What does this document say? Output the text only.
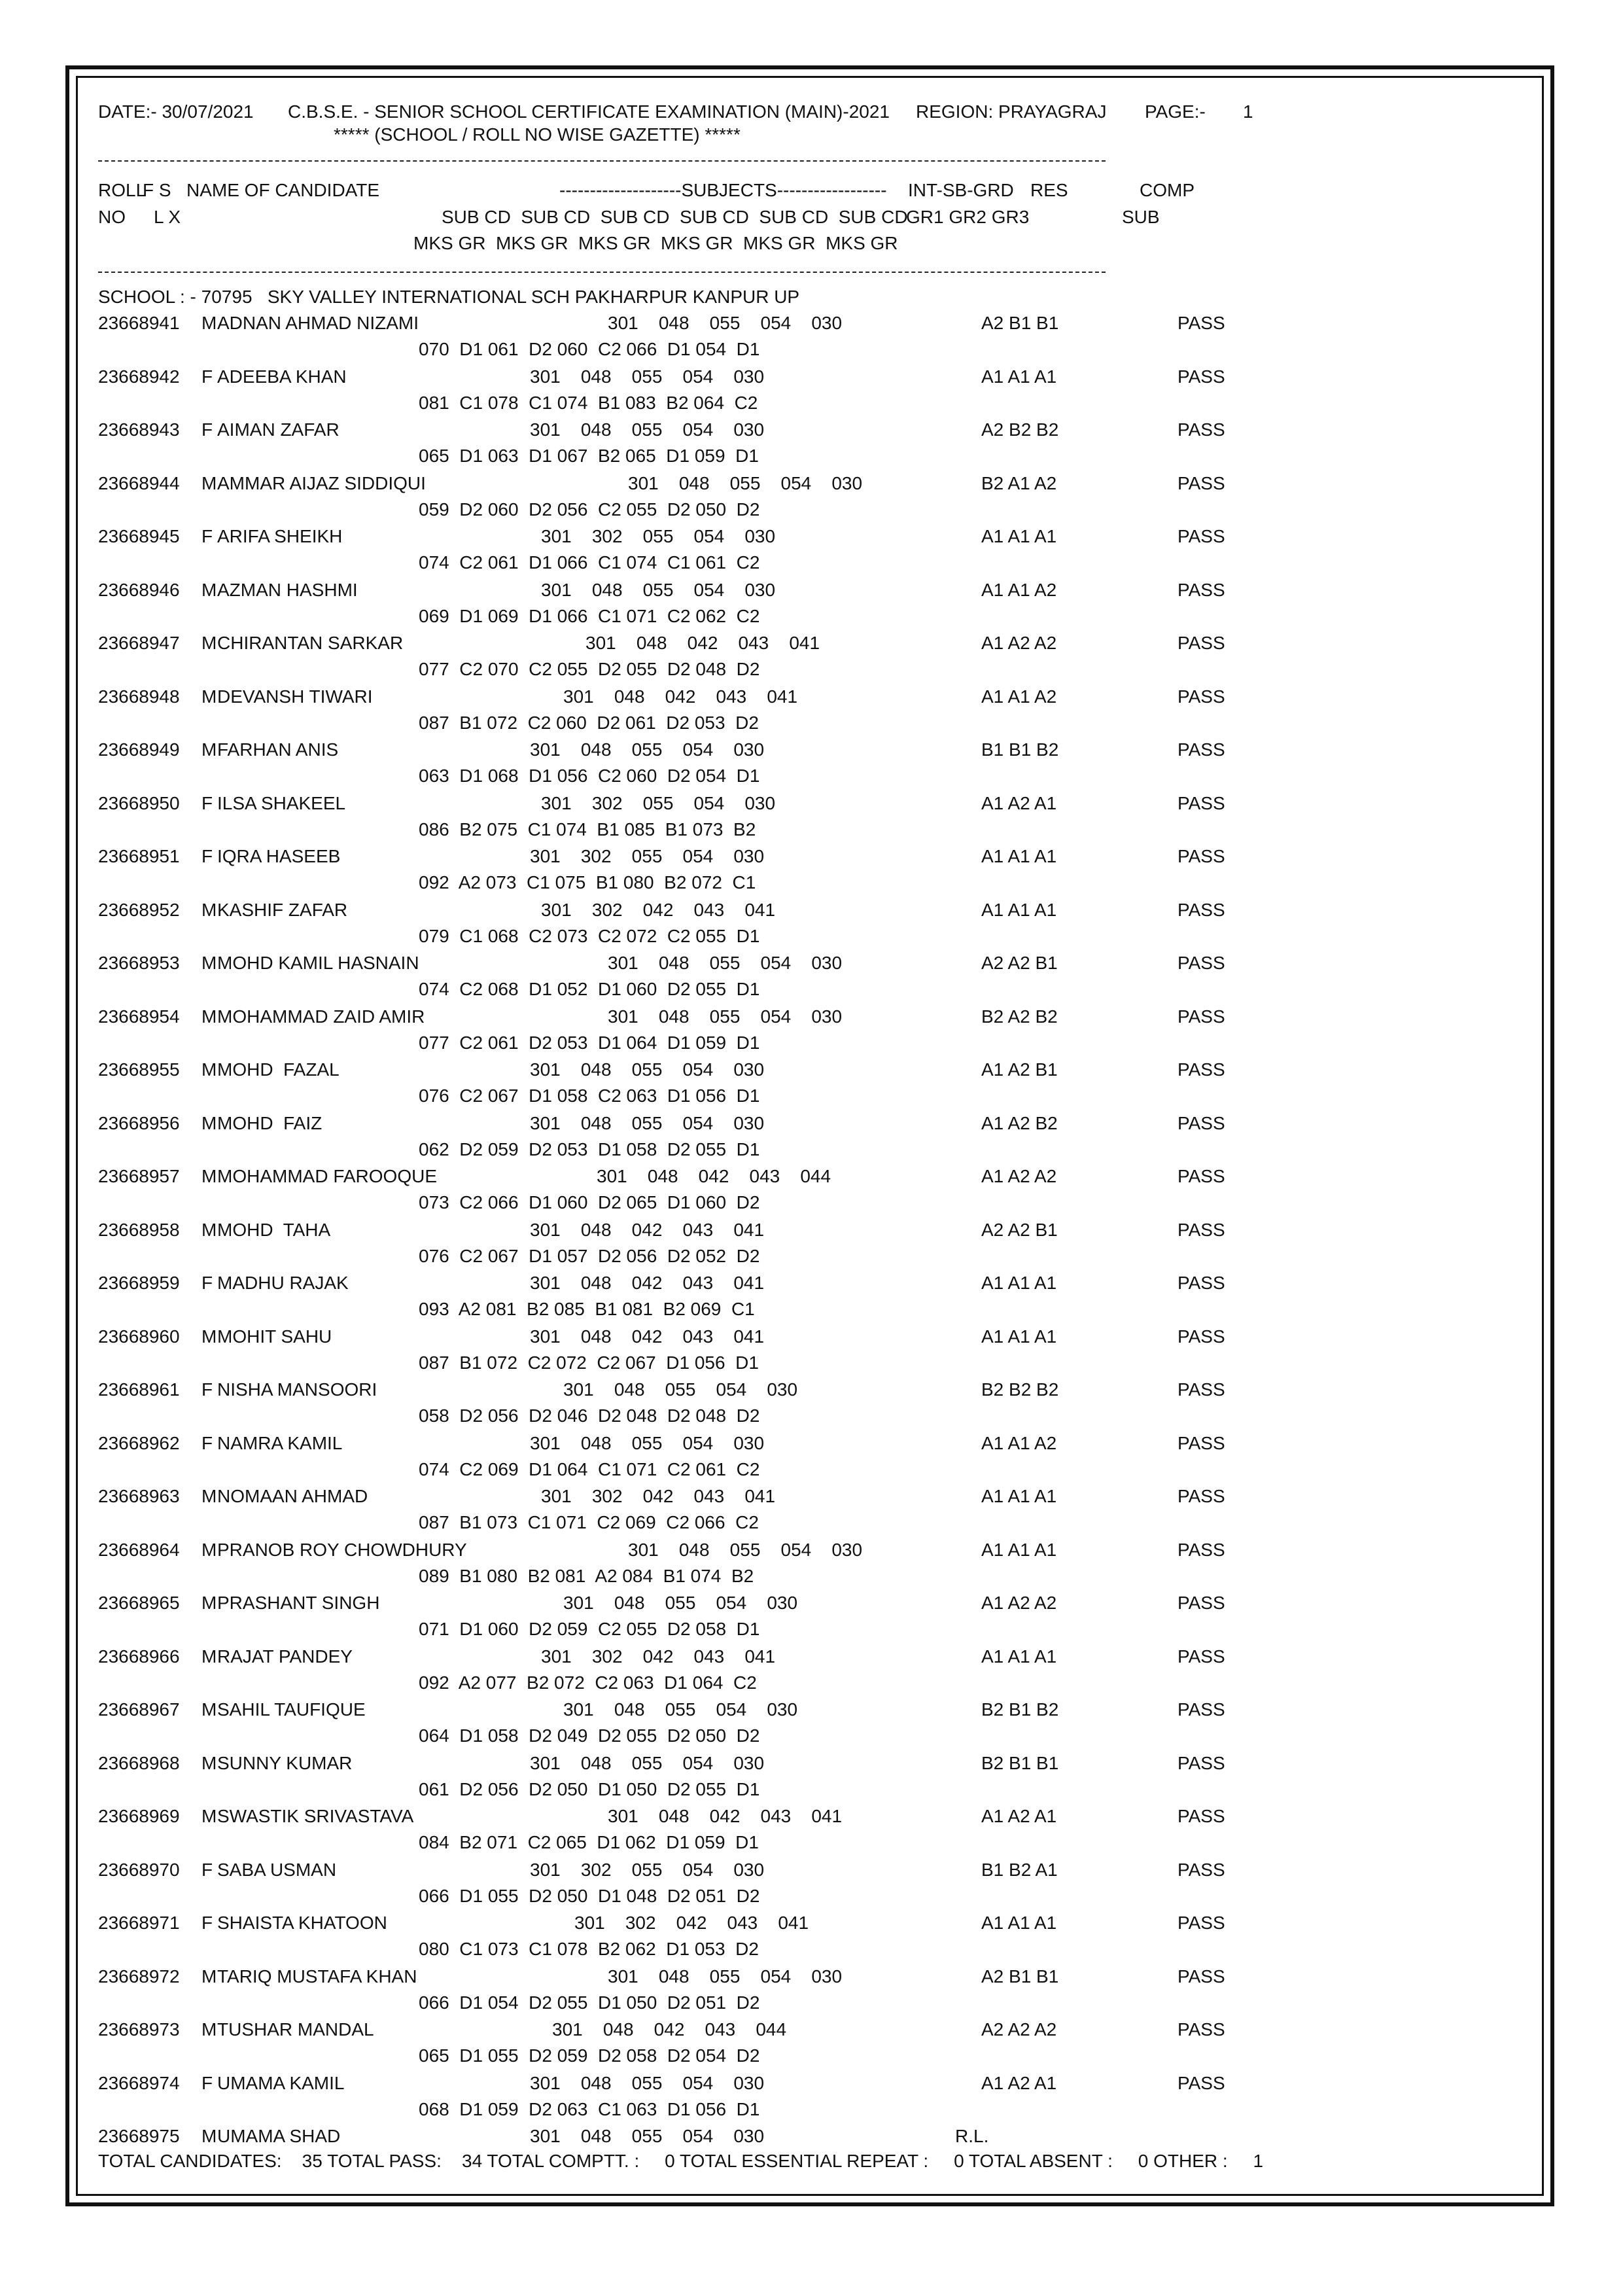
DATE:- 30/07/2021 C.B.S.E. - SENIOR SCHOOL CERTIFICATE EXAMINATION (MAIN)-2021 REGION: PRAYAGRAJ PAGE:- 1
***** (SCHOOL / ROLL NO WISE GAZETTE) *****
ROLL
F S NAME OF CANDIDATE	--------------------SUBJECTS------------------ INT-SB-GRD RES	COMP
NO L X	SUB CD  SUB CD  SUB CD  SUB CD  SUB CD  SUB CD
GR1 GR2 GR3	SUB
MKS GR  MKS GR  MKS GR  MKS GR  MKS GR  MKS GR
SCHOOL : - 70795   SKY VALLEY INTERNATIONAL SCH PAKHARPUR KANPUR UP
23668941 M ADNAN AHMAD NIZAMI	301    048    055    054    030	A2 B1 B1	PASS
070  D1 061  D2 060  C2 066  D1 054  D1
23668942 F ADEEBA KHAN	301    048    055    054    030	A1 A1 A1	PASS
081  C1 078  C1 074  B1 083  B2 064  C2
23668943 F AIMAN ZAFAR	301    048    055    054    030	A2 B2 B2	PASS
065  D1 063  D1 067  B2 065  D1 059  D1
23668944 M AMMAR AIJAZ SIDDIQUI	301    048    055    054    030	B2 A1 A2	PASS
059  D2 060  D2 056  C2 055  D2 050  D2
23668945 F ARIFA SHEIKH	301    302    055    054    030	A1 A1 A1	PASS
074  C2 061  D1 066  C1 074  C1 061  C2
23668946 M AZMAN HASHMI	301    048    055    054    030	A1 A1 A2	PASS
069  D1 069  D1 066  C1 071  C2 062  C2
23668947 M CHIRANTAN SARKAR	301    048    042    043    041	A1 A2 A2	PASS
077  C2 070  C2 055  D2 055  D2 048  D2
23668948 M DEVANSH TIWARI	301    048    042    043    041	A1 A1 A2	PASS
087  B1 072  C2 060  D2 061  D2 053  D2
23668949 M FARHAN ANIS	301    048    055    054    030	B1 B1 B2	PASS
063  D1 068  D1 056  C2 060  D2 054  D1
23668950 F ILSA SHAKEEL	301    302    055    054    030	A1 A2 A1	PASS
086  B2 075  C1 074  B1 085  B1 073  B2
23668951 F IQRA HASEEB	301    302    055    054    030	A1 A1 A1	PASS
092  A2 073  C1 075  B1 080  B2 072  C1
23668952 M KASHIF ZAFAR	301    302    042    043    041	A1 A1 A1	PASS
079  C1 068  C2 073  C2 072  C2 055  D1
23668953 M MOHD KAMIL HASNAIN	301    048    055    054    030	A2 A2 B1	PASS
074  C2 068  D1 052  D1 060  D2 055  D1
23668954 M MOHAMMAD ZAID AMIR	301    048    055    054    030	B2 A2 B2	PASS
077  C2 061  D2 053  D1 064  D1 059  D1
23668955 M MOHD  FAZAL	301    048    055    054    030	A1 A2 B1	PASS
076  C2 067  D1 058  C2 063  D1 056  D1
23668956 M MOHD  FAIZ	301    048    055    054    030	A1 A2 B2	PASS
062  D2 059  D2 053  D1 058  D2 055  D1
23668957 M MOHAMMAD FAROOQUE	301    048    042    043    044	A1 A2 A2	PASS
073  C2 066  D1 060  D2 065  D1 060  D2
23668958 M MOHD  TAHA	301    048    042    043    041	A2 A2 B1	PASS
076  C2 067  D1 057  D2 056  D2 052  D2
23668959 F MADHU RAJAK	301    048    042    043    041	A1 A1 A1	PASS
093  A2 081  B2 085  B1 081  B2 069  C1
23668960 M MOHIT SAHU	301    048    042    043    041	A1 A1 A1	PASS
087  B1 072  C2 072  C2 067  D1 056  D1
23668961 F NISHA MANSOORI	301    048    055    054    030	B2 B2 B2	PASS
058  D2 056  D2 046  D2 048  D2 048  D2
23668962 F NAMRA KAMIL	301    048    055    054    030	A1 A1 A2	PASS
074  C2 069  D1 064  C1 071  C2 061  C2
23668963 M NOMAAN AHMAD	301    302    042    043    041	A1 A1 A1	PASS
087  B1 073  C1 071  C2 069  C2 066  C2
23668964 M PRANOB ROY CHOWDHURY	301    048    055    054    030	A1 A1 A1	PASS
089  B1 080  B2 081  A2 084  B1 074  B2
23668965 M PRASHANT SINGH	301    048    055    054    030	A1 A2 A2	PASS
071  D1 060  D2 059  C2 055  D2 058  D1
23668966 M RAJAT PANDEY	301    302    042    043    041	A1 A1 A1	PASS
092  A2 077  B2 072  C2 063  D1 064  C2
23668967 M SAHIL TAUFIQUE	301    048    055    054    030	B2 B1 B2	PASS
064  D1 058  D2 049  D2 055  D2 050  D2
23668968 M SUNNY KUMAR	301    048    055    054    030	B2 B1 B1	PASS
061  D2 056  D2 050  D1 050  D2 055  D1
23668969 M SWASTIK SRIVASTAVA	301    048    042    043    041	A1 A2 A1	PASS
084  B2 071  C2 065  D1 062  D1 059  D1
23668970 F SABA USMAN	301    302    055    054    030	B1 B2 A1	PASS
066  D1 055  D2 050  D1 048  D2 051  D2
23668971 F SHAISTA KHATOON	301    302    042    043    041	A1 A1 A1	PASS
080  C1 073  C1 078  B2 062  D1 053  D2
23668972 M TARIQ MUSTAFA KHAN	301    048    055    054    030	A2 B1 B1	PASS
066  D1 054  D2 055  D1 050  D2 051  D2
23668973 M TUSHAR MANDAL	301    048    042    043    044	A2 A2 A2	PASS
065  D1 055  D2 059  D2 058  D2 054  D2
23668974 F UMAMA KAMIL	301    048    055    054    030	A1 A2 A1	PASS
068  D1 059  D2 063  C1 063  D1 056  D1
23668975 M UMAMA SHAD	301    048    055    054    030	R.L.
TOTAL CANDIDATES:    35 TOTAL PASS:    34 TOTAL COMPTT. :     0 TOTAL ESSENTIAL REPEAT :     0 TOTAL ABSENT :     0 OTHER :     1
